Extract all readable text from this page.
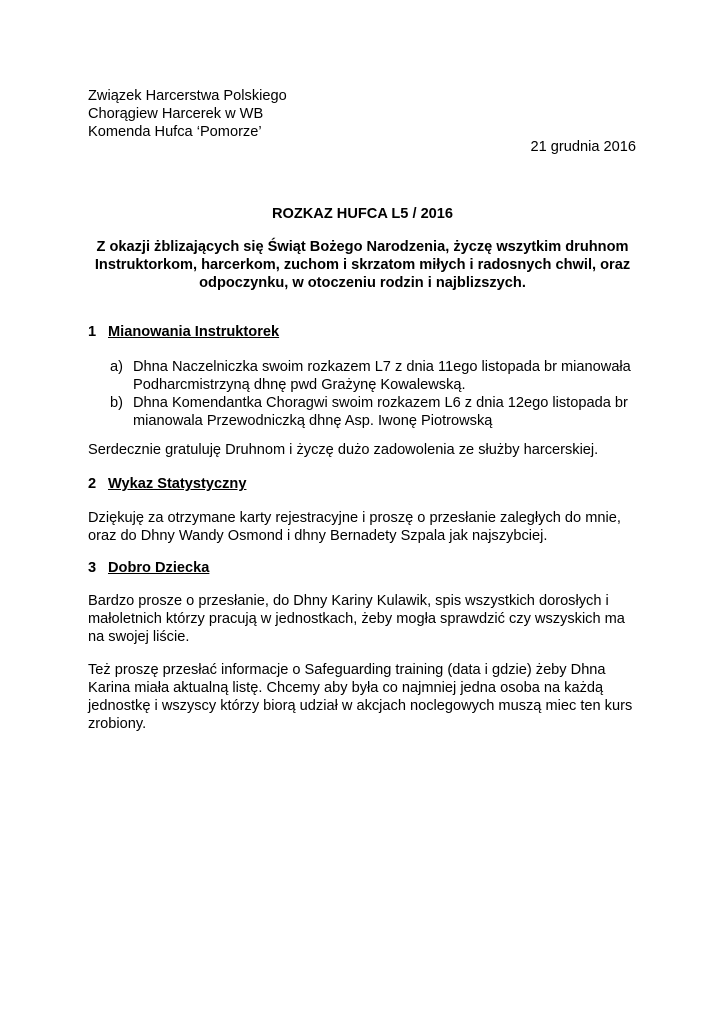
Związek Harcerstwa Polskiego
Chorągiew Harcerek w WB
Komenda Hufca ‘Pomorze’
21 grudnia 2016
ROZKAZ HUFCA L5 / 2016
Z okazji żblizających się Świąt Bożego Narodzenia, życzę wszytkim druhnom
Instruktorkom, harcerkom, zuchom i skrzatom miłych i radosnych chwil, oraz
odpoczynku, w otoczeniu rodzin i najblizszych.
1 Mianowania Instruktorek
a) Dhna Naczelniczka swoim rozkazem L7 z dnia 11ego listopada br mianowała
Podharcmistrzyną dhnę pwd Grażynę Kowalewską.
b) Dhna Komendantka Choragwi swoim rozkazem L6 z dnia 12ego listopada br
mianowala Przewodniczką dhnę Asp. Iwonę Piotrowską
Serdecznie gratuluję Druhnom i życzę dużo zadowolenia ze służby harcerskiej.
2 Wykaz Statystyczny
Dziękuję za otrzymane karty rejestracyjne i proszę o przesłanie zaległych do mnie,
oraz do Dhny Wandy Osmond i dhny Bernadety Szpala jak najszybciej.
3 Dobro Dziecka
Bardzo prosze o przesłanie, do Dhny Kariny Kulawik, spis wszystkich dorosłych i
małoletnich którzy pracują w jednostkach, żeby mogła sprawdzić czy wszyskich ma
na swojej liście.
Też proszę przesłać informacje o Safeguarding training (data i gdzie) żeby Dhna
Karina miała aktualną listę. Chcemy aby była co najmniej jedna osoba na każdą
jednostkę i wszyscy którzy biorą udział w akcjach noclegowych muszą miec ten kurs
zrobiony.
